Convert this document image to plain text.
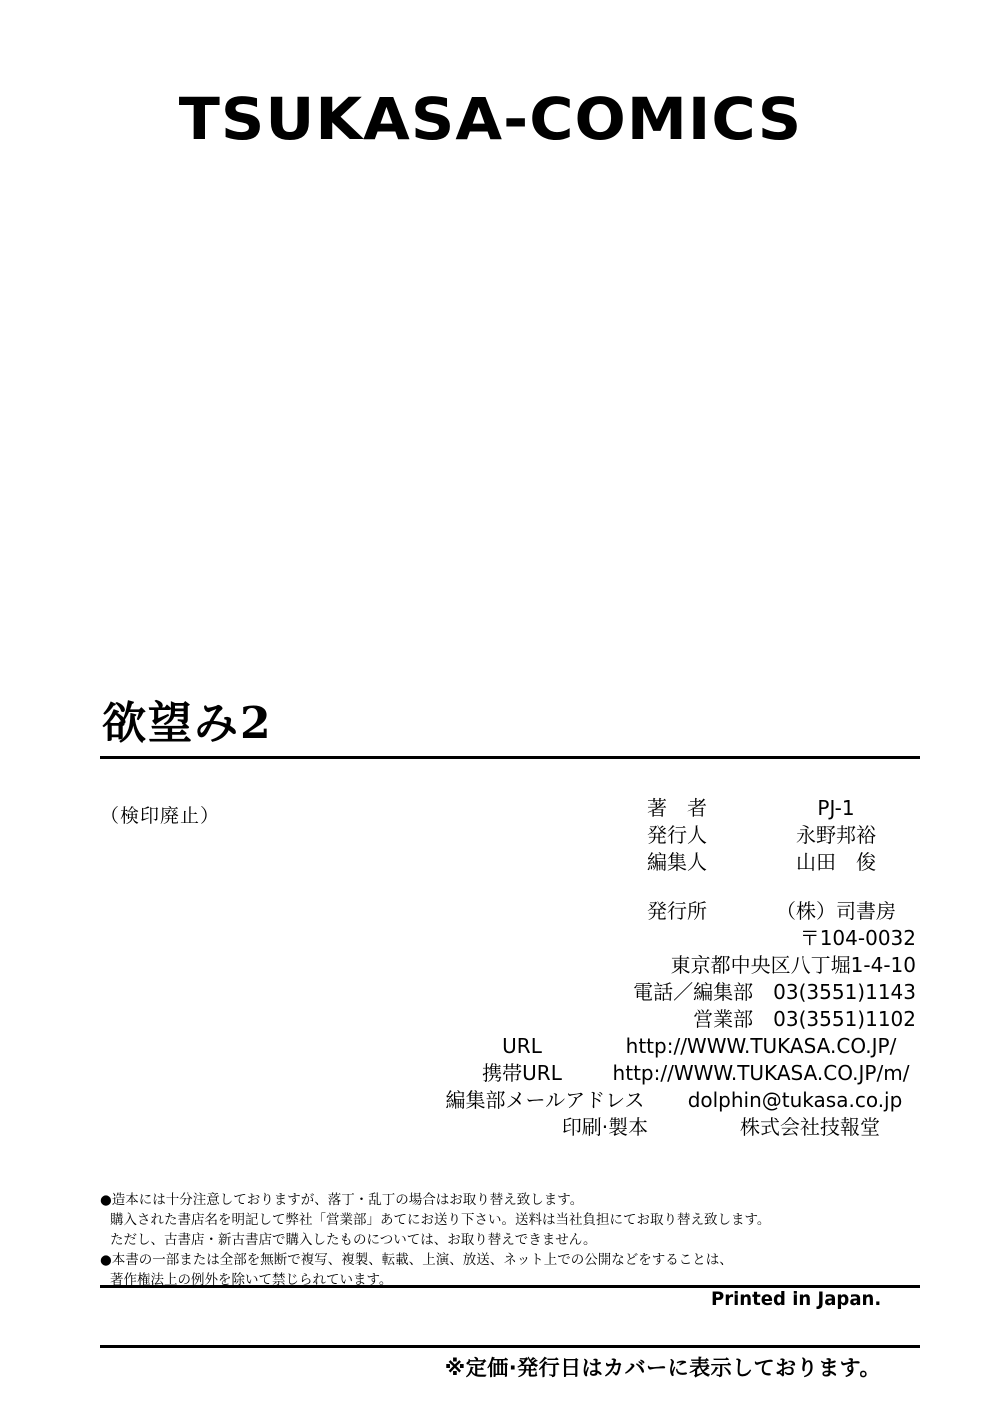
TSUKASA-COMICS
欲望み2
（検印廃止）	著　者	PJ-1
発行人	永野邦裕
編集人	山田　俊
発行所	（株）司書房
〒104-0032
東京都中央区八丁堀1-4-10
電話／編集部　03(3551)1143
営業部　03(3551)1102
URL	http://WWW.TUKASA.CO.JP/
携帯URL	http://WWW.TUKASA.CO.JP/m/
編集部メールアドレス dolphin@tukasa.co.jp
印刷·製本	株式会社技報堂
●造本には十分注意しておりますが、落丁・乱丁の場合はお取り替え致します。
購入された書店名を明記して弊社「営業部」あてにお送り下さい。送料は当社負担にてお取り替え致します。
ただし、古書店・新古書店で購入したものについては、お取り替えできません。
●本書の一部または全部を無断で複写、複製、転載、上演、放送、ネット上での公開などをすることは、
著作権法上の例外を除いて禁じられています。
Printed in Japan.
※定価·発行日はカバーに表示しております。
